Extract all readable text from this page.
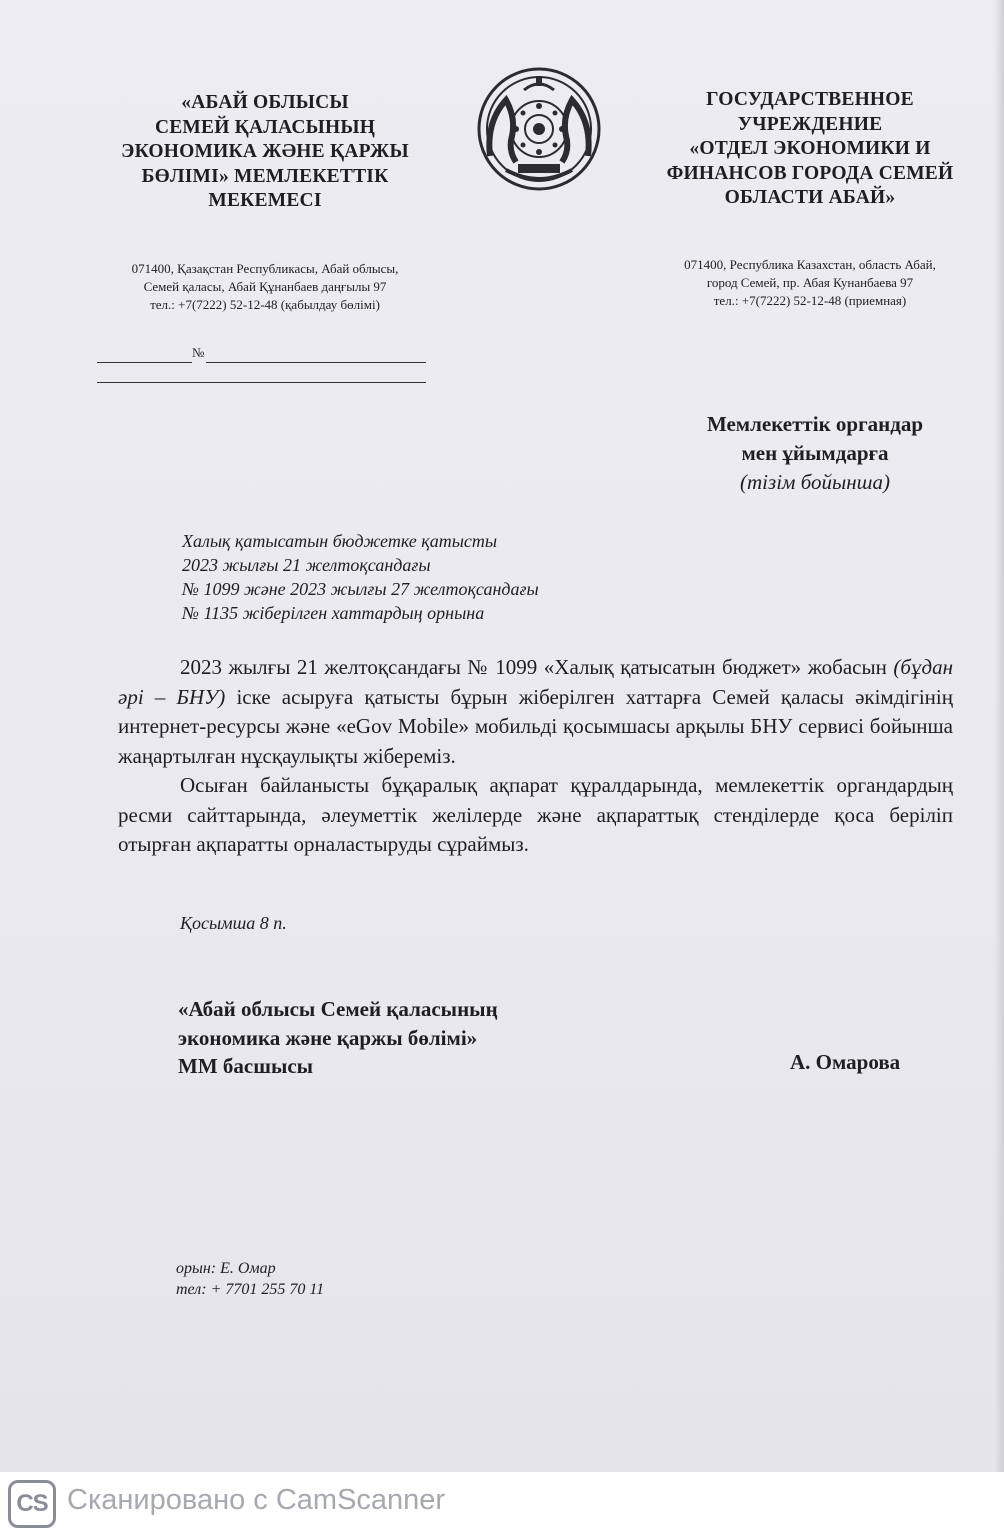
«АБАЙ ОБЛЫСЫ
СЕМЕЙ ҚАЛАСЫНЫҢ
ЭКОНОМИКА ЖӘНЕ ҚАРЖЫ
БӨЛІМІ» МЕМЛЕКЕТТІК
МЕКЕМЕСІ
ГОСУДАРСТВЕННОЕ
УЧРЕЖДЕНИЕ
«ОТДЕЛ ЭКОНОМИКИ И
ФИНАНСОВ ГОРОДА СЕМЕЙ
ОБЛАСТИ АБАЙ»
071400, Қазақстан Республикасы, Абай облысы,
Семей қаласы, Абай Құнанбаев даңғылы 97
тел.: +7(7222) 52-12-48 (қабылдау бөлімі)
071400, Республика Казахстан, область Абай,
город Семей, пр. Абая Кунанбаева 97
тел.: +7(7222) 52-12-48 (приемная)
№
Мемлекеттік органдар
мен ұйымдарға
(тізім бойынша)
Халық қатысатын бюджетке қатысты
2023 жылғы 21 желтоқсандағы
№ 1099 және 2023 жылғы 27 желтоқсандағы
№ 1135 жіберілген хаттардың орнына

2023 жылғы 21 желтоқсандағы № 1099 «Халық қатысатын бюджет» жобасын (бұдан әрі – БНУ) іске асыруға қатысты бұрын жіберілген хаттарға Семей қаласы әкімдігінің интернет-ресурсы және «eGov Mobile» мобильді қосымшасы арқылы БНУ сервисі бойынша жаңартылған нұсқаулықты жібереміз.

Осыған байланысты бұқаралық ақпарат құралдарында, мемлекеттік органдардың ресми сайттарында, әлеуметтік желілерде және ақпараттық стенділерде қоса беріліп отырған ақпаратты орналастыруды сұраймыз.

Қосымша 8 п.
«Абай облысы Семей қаласының
экономика және қаржы бөлімі»
ММ басшысы	А. Омарова
орын: Е. Омар
тел: + 7701 255 70 11
CS Сканировано с CamScanner
